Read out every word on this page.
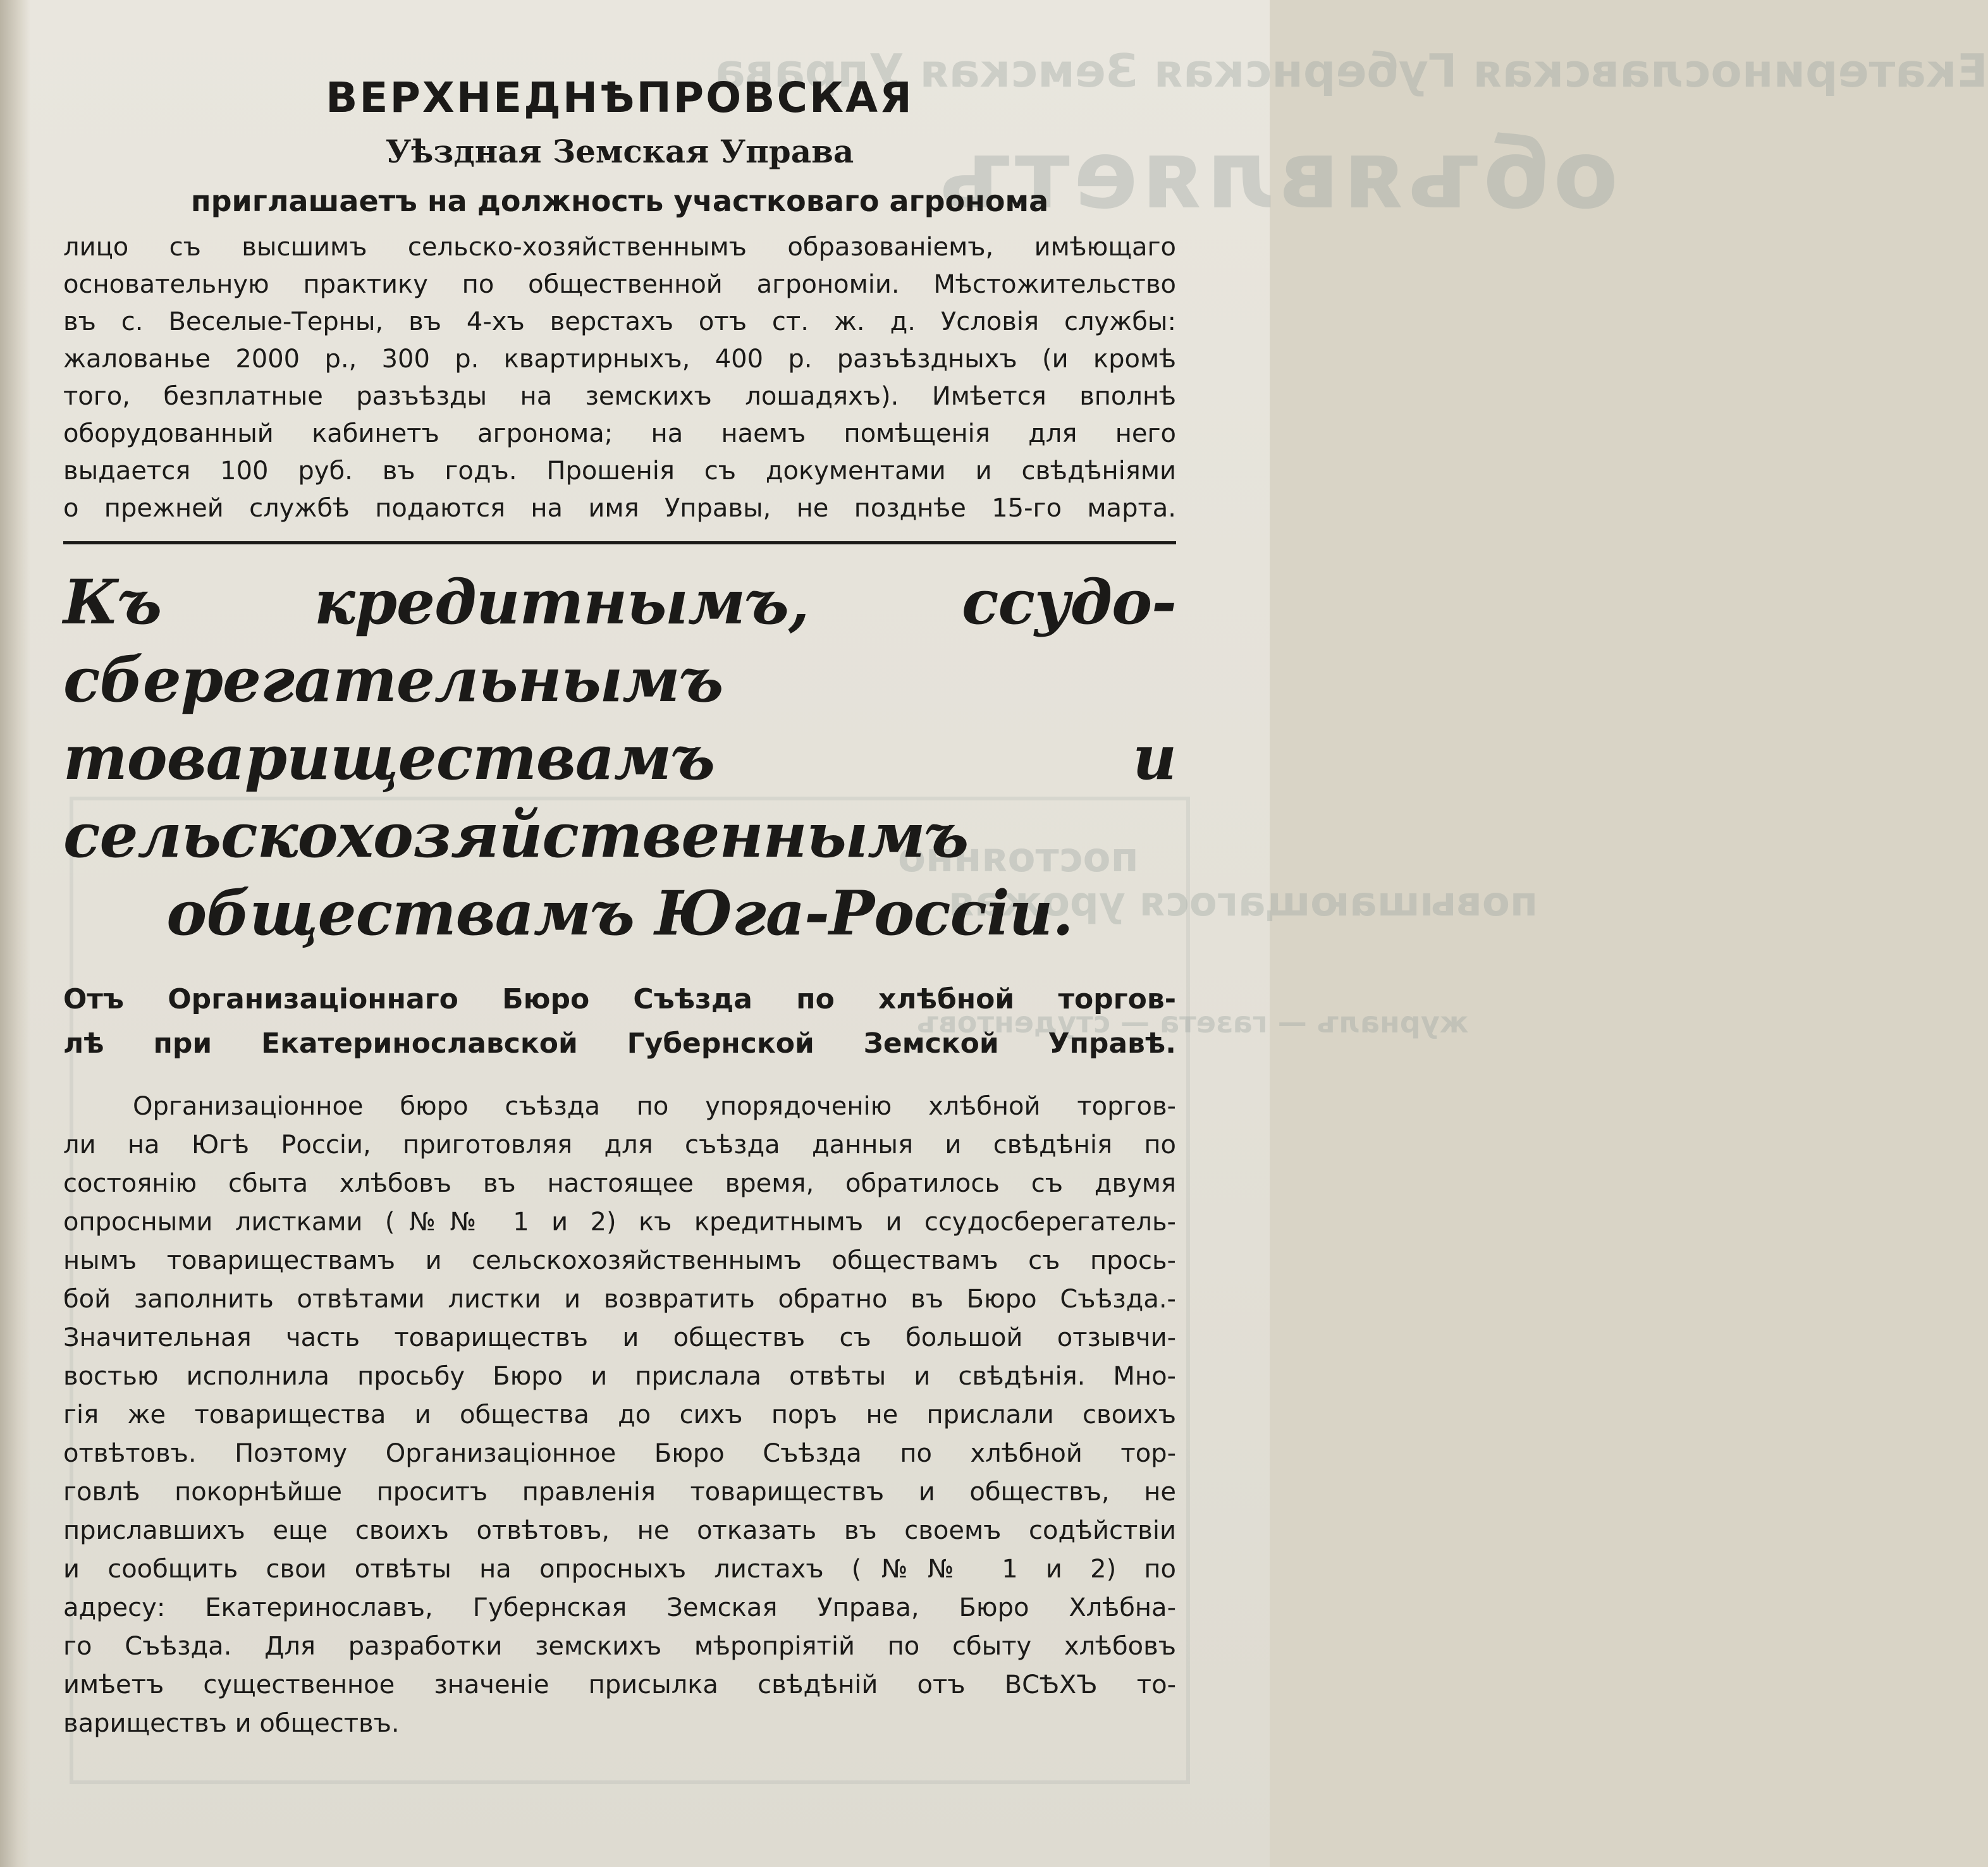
Екатеринославская Губернская Земская Управа
объявляетъ
постоянно
повышающагося урожая
журналъ — газета — студентовъ
ВЕРХНЕДНѢПРОВСКАЯ
Уѣздная Земская Управа
приглашаетъ на должность участковаго агронома

лицо съ высшимъ сельско-хозяйственнымъ образованіемъ, имѣющаго
основательную практику по общественной агрономіи. Мѣстожительство
въ с. Веселые-Терны, въ 4-хъ верстахъ отъ ст. ж. д. Условія службы:
жалованье 2000 р., 300 р. квартирныхъ, 400 р. разъѣздныхъ (и кромѣ
того, безплатные разъѣзды на земскихъ лошадяхъ). Имѣется вполнѣ
оборудованный кабинетъ агронома; на наемъ помѣщенія для него
выдается 100 руб. въ годъ. Прошенія съ документами и свѣдѣніями
о прежней службѣ подаются на имя Управы, не позднѣе 15-го марта.

Къ кредитнымъ, ссудо-сберегательнымъ
товариществамъ и сельскохозяйственнымъ
обществамъ Юга-Россіи.
Отъ Организаціоннаго Бюро Съѣзда по хлѣбной торгов-
лѣ при Екатеринославской Губернской Земской Управѣ.

Организаціонное бюро съѣзда по упорядоченію хлѣбной торгов-
ли на Югѣ Россіи, приготовляя для съѣзда данныя и свѣдѣнія по
состоянію сбыта хлѣбовъ въ настоящее время, обратилось съ двумя
опросными листками (№№ 1 и 2) къ кредитнымъ и ссудосберегатель-
нымъ товариществамъ и сельскохозяйственнымъ обществамъ съ прось-
бой заполнить отвѣтами листки и возвратить обратно въ Бюро Съѣзда.-
Значительная часть товариществъ и обществъ съ большой отзывчи-
востью исполнила просьбу Бюро и прислала отвѣты и свѣдѣнія. Мно-
гія же товарищества и общества до сихъ поръ не прислали своихъ
отвѣтовъ. Поэтому Организаціонное Бюро Съѣзда по хлѣбной тор-
говлѣ покорнѣйше проситъ правленія товариществъ и обществъ, не
приславшихъ еще своихъ отвѣтовъ, не отказать въ своемъ содѣйствіи
и сообщить свои отвѣты на опросныхъ листахъ (№№ 1 и 2) по
адресу: Екатеринославъ, Губернская Земская Управа, Бюро Хлѣбна-
го Съѣзда. Для разработки земскихъ мѣропріятій по сбыту хлѣбовъ
имѣетъ существенное значеніе присылка свѣдѣній отъ ВСѢХЪ то-
вариществъ и обществъ.
